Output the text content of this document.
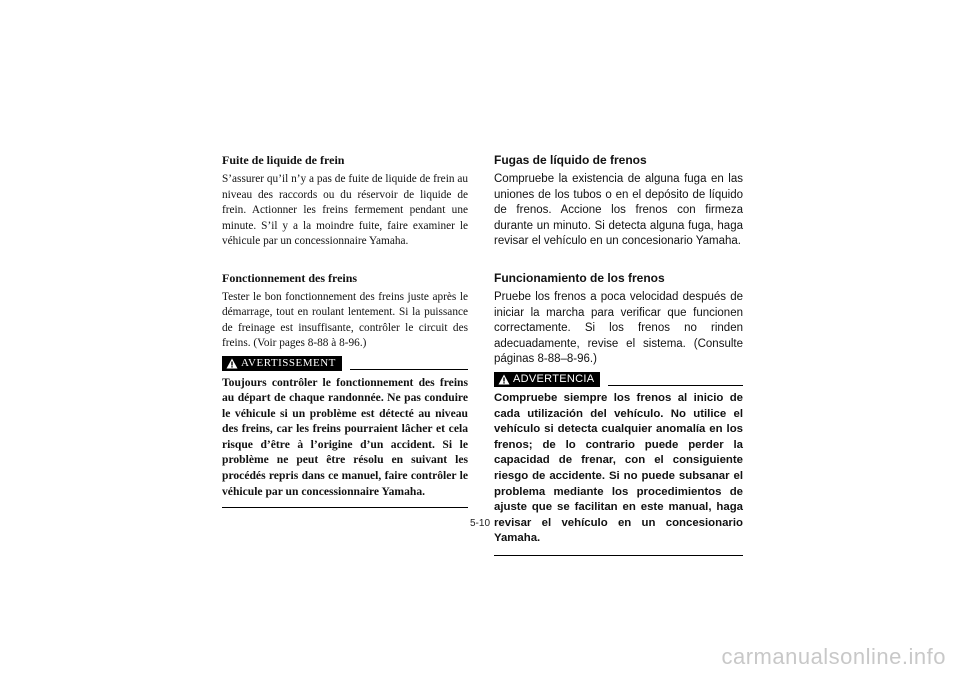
Fuite de liquide de frein

S’assurer qu’il n’y a pas de fuite de liquide de frein au niveau des raccords ou du réservoir de liquide de frein. Actionner les freins fermement pendant une minute. S’il y a la moindre fuite, faire examiner le véhicule par un concessionnaire Yamaha.

Fonctionnement des freins

Tester le bon fonctionnement des freins juste après le démarrage, tout en roulant lentement. Si la puissance de freinage est insuffisante, contrôler le circuit des freins. (Voir pages 8-88 à 8-96.)

AVERTISSEMENT

Toujours contrôler le fonctionnement des freins au départ de chaque randonnée. Ne pas conduire le véhicule si un problème est détecté au niveau des freins, car les freins pourraient lâcher et cela risque d’être à l’origine d’un accident. Si le problème ne peut être résolu en suivant les procédés repris dans ce manuel, faire contrôler le véhicule par un concessionnaire Yamaha.

Fugas de líquido de frenos

Compruebe la existencia de alguna fuga en las uniones de los tubos o en el depósito de líquido de frenos. Accione los frenos con firmeza durante un minuto. Si detecta alguna fuga, haga revisar el vehículo en un concesionario Yamaha.

Funcionamiento de los frenos

Pruebe los frenos a poca velocidad después de iniciar la marcha para verificar que funcionen correctamente. Si los frenos no rinden adecuadamente, revise el sistema. (Consulte páginas 8-88–8-96.)

ADVERTENCIA

Compruebe siempre los frenos al inicio de cada utilización del vehículo. No utilice el vehículo si detecta cualquier anomalía en los frenos; de lo contrario puede perder la capacidad de frenar, con el consiguiente riesgo de accidente. Si no puede subsanar el problema mediante los procedimientos de ajuste que se facilitan en este manual, haga revisar el vehículo en un concesionario Yamaha.

5-10
carmanualsonline.info
